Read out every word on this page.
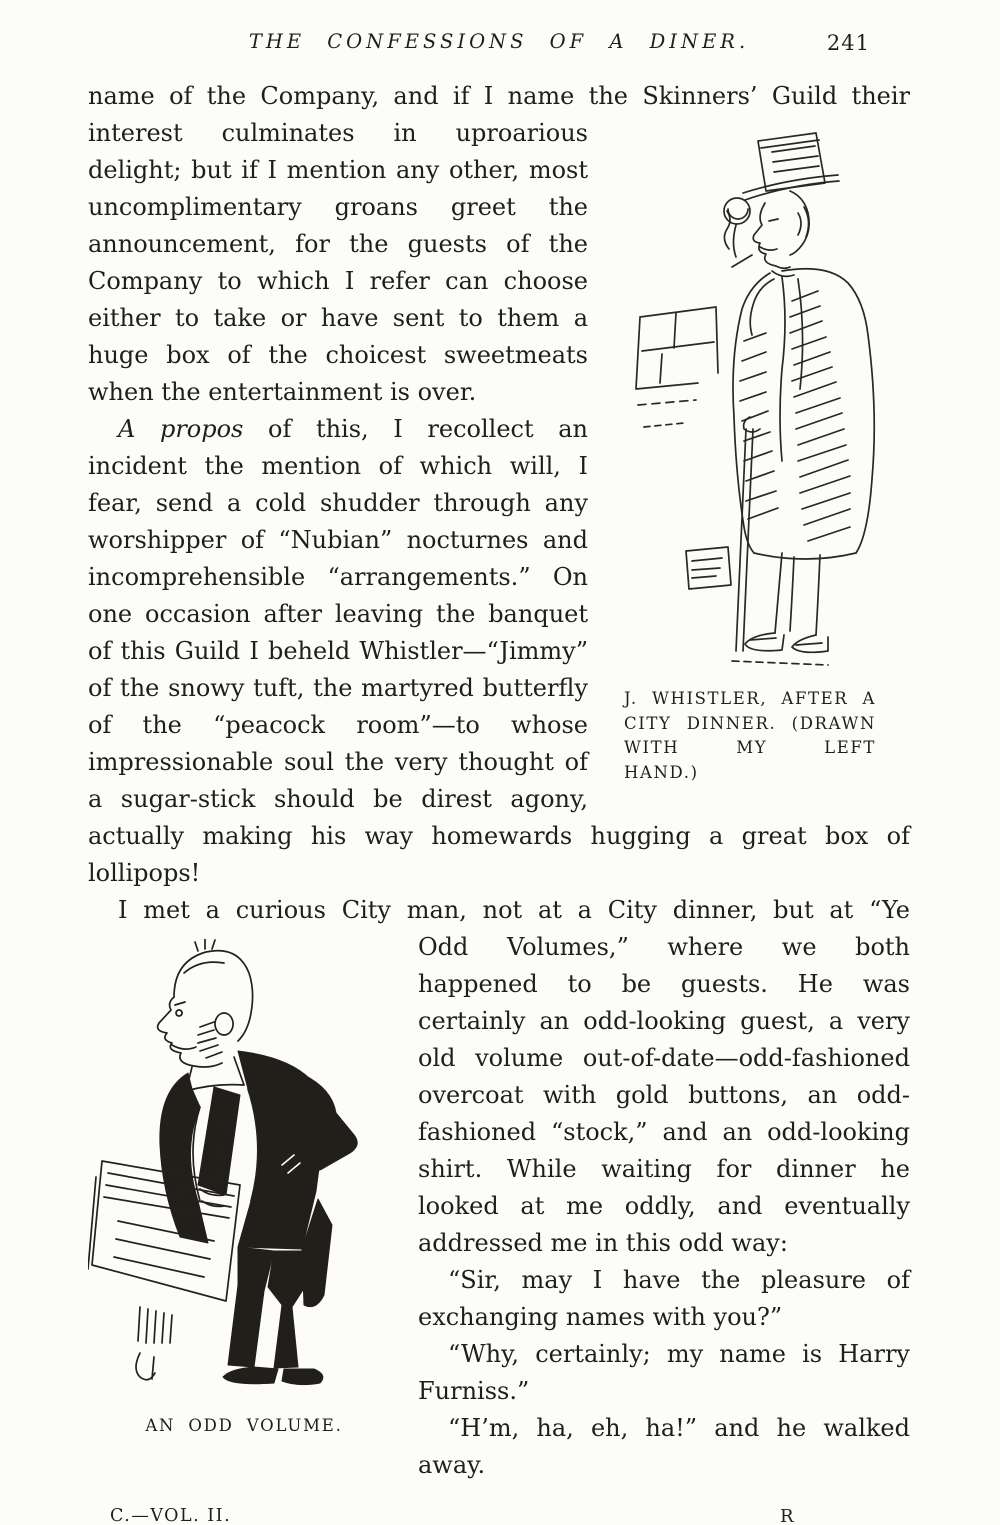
THE CONFESSIONS OF A DINER.	241

name of the Company, and if I name the Skinners’ Guild their

J. WHISTLER, AFTER A CITY DINNER. (DRAWN WITH MY LEFT HAND.)

interest culminates in uproarious delight; but if I mention any other, most uncomplimentary groans greet the announcement, for the guests of the Company to which I refer can choose either to take or have sent to them a huge box of the choicest sweetmeats when the entertainment is over.

A propos of this, I recollect an incident the mention of which will, I fear, send a cold shudder through any worshipper of “Nubian” nocturnes and incomprehensible “arrangements.” On one occasion after leaving the banquet of this Guild I beheld Whistler—“Jimmy” of the snowy tuft, the martyred butterfly of the “peacock room”—to whose impressionable soul the very thought of a sugar-stick should be direst agony, actually making his way homewards hugging a great box of lollipops!

I met a curious City man, not at a City dinner, but at “Ye

AN ODD VOLUME.

Odd Volumes,” where we both happened to be guests. He was certainly an odd-looking guest, a very old volume out-of-date—odd-fashioned overcoat with gold buttons, an odd-fashioned “stock,” and an odd-looking shirt. While waiting for dinner he looked at me oddly, and eventually addressed me in this odd way:

“Sir, may I have the pleasure of exchanging names with you?”

“Why, certainly; my name is Harry Furniss.”

“H’m, ha, eh, ha!” and he walked away.

C.—VOL. II.	R
